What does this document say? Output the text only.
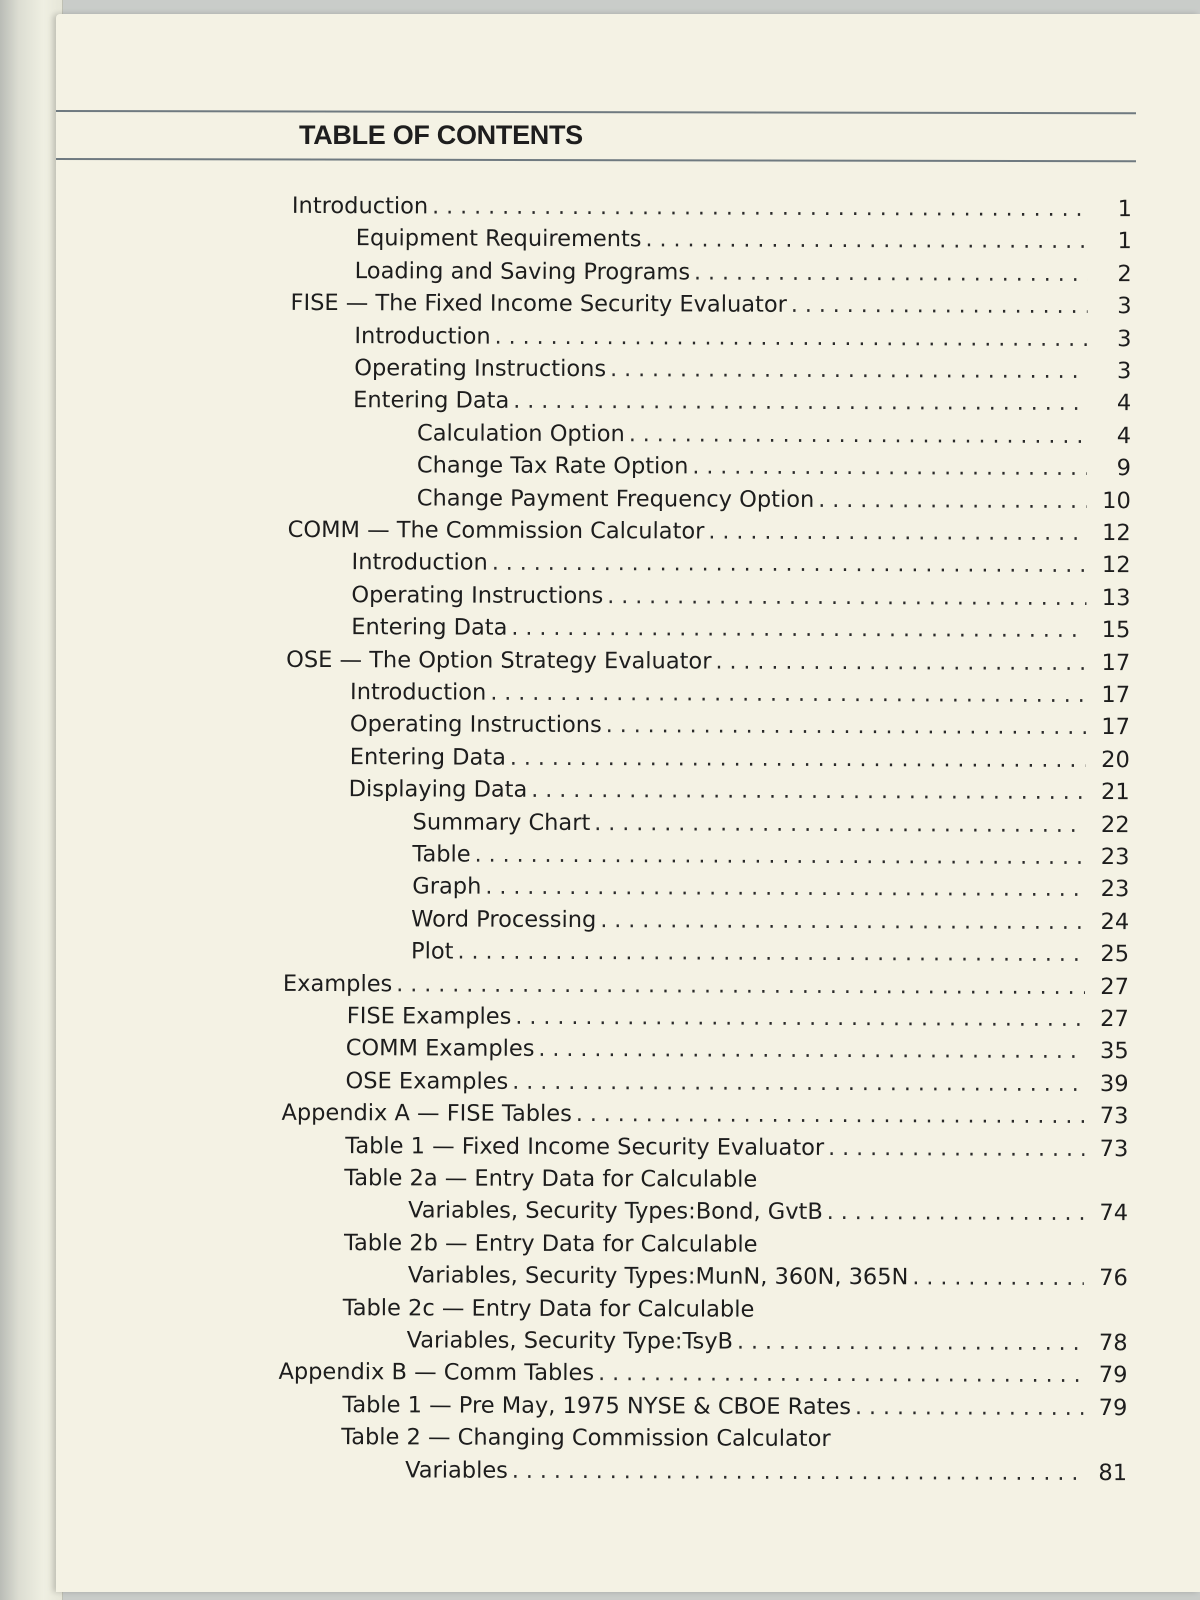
TABLE OF CONTENTS
Introduction . . .	1
Equipment Requirements . . .	1
Loading and Saving Programs . . .	2
FISE — The Fixed Income Security Evaluator . . .	3
Introduction . . .	3
Operating Instructions . . .	3
Entering Data . . .	4
Calculation Option . . .	4
Change Tax Rate Option . . .	9
Change Payment Frequency Option . . .	10
COMM — The Commission Calculator . . .	12
Introduction . . .	12
Operating Instructions . . .	13
Entering Data . . .	15
OSE — The Option Strategy Evaluator . . .	17
Introduction . . .	17
Operating Instructions . . .	17
Entering Data . . .	20
Displaying Data . . .	21
Summary Chart . . .	22
Table . . .	23
Graph . . .	23
Word Processing . . .	24
Plot . . .	25
Examples . . .	27
FISE Examples . . .	27
COMM Examples . . .	35
OSE Examples . . .	39
Appendix A — FISE Tables . . .	73
Table 1 — Fixed Income Security Evaluator . . .	73
Table 2a — Entry Data for Calculable
Variables, Security Types:Bond, GvtB . . .	74
Table 2b — Entry Data for Calculable
Variables, Security Types:MunN, 360N, 365N . . .	76
Table 2c — Entry Data for Calculable
Variables, Security Type:TsyB . . .	78
Appendix B — Comm Tables . . .	79
Table 1 — Pre May, 1975 NYSE & CBOE Rates . . .	79
Table 2 — Changing Commission Calculator
Variables . . .	81
